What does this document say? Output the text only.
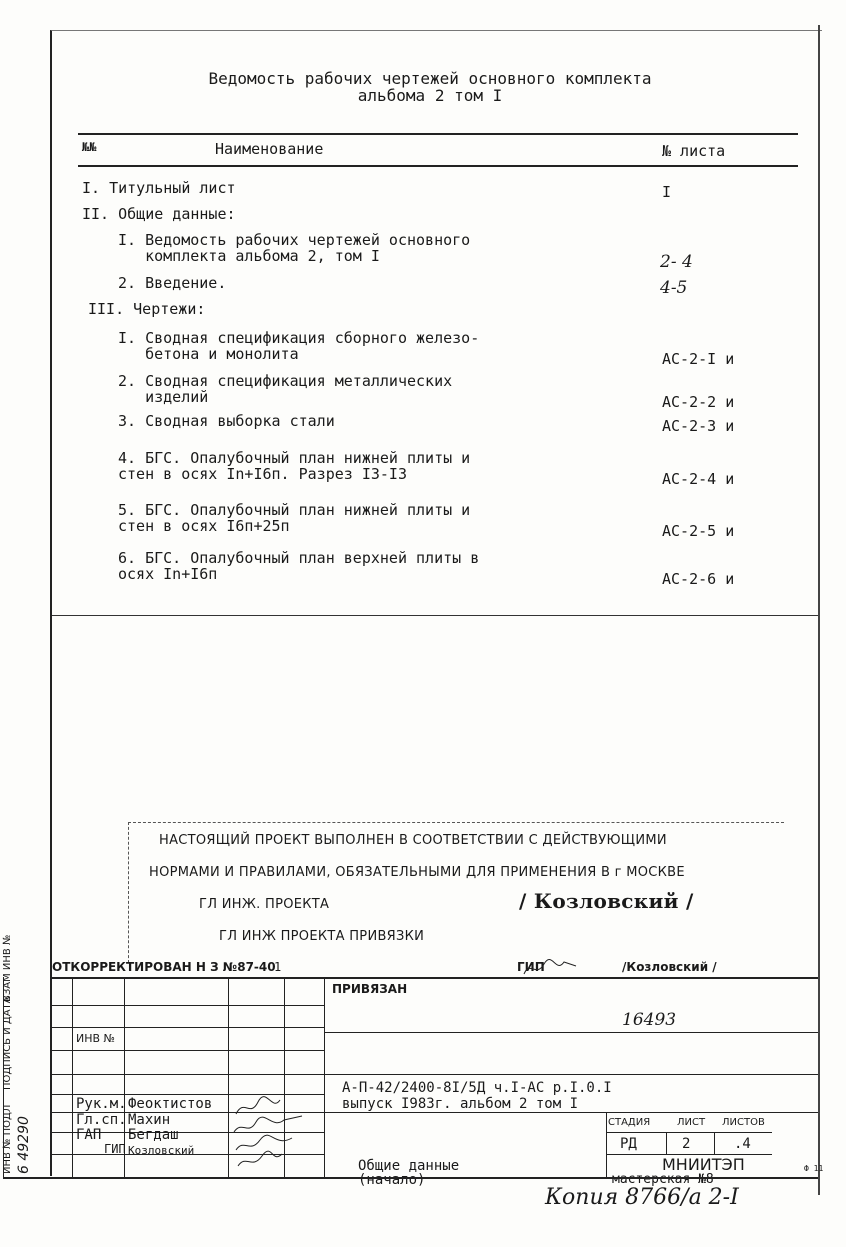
Ведомость рабочих чертежей основного комплекта
альбома 2 том I
№№	Наименование	№ листа
I. Титульный лист	I
II. Общие данные:
I. Ведомость рабочих чертежей основного
комплекта альбома 2, том I	2- 4
2. Введение.	4-5
III. Чертежи:
I. Сводная спецификация сборного железо-
бетона и монолита	АС-2-I и
2. Сводная спецификация металлических
изделий	АС-2-2 и
3. Сводная выборка стали	АС-2-3 и
4. БГС. Опалубочный план нижней плиты и
стен в осях In+I6п. Разрез I3-I3	АС-2-4 и
5. БГС. Опалубочный план нижней плиты и
стен в осях I6п+25п	АС-2-5 и
6. БГС. Опалубочный план верхней плиты в
осях In+I6п	АС-2-6 и
НАСТОЯЩИЙ ПРОЕКТ ВЫПОЛНЕН В СООТВЕТСТВИИ С ДЕЙСТВУЮЩИМИ
НОРМАМИ И ПРАВИЛАМИ, ОБЯЗАТЕЛЬНЫМИ ДЛЯ ПРИМЕНЕНИЯ В г МОСКВЕ
ГЛ ИНЖ. ПРОЕКТА	/ Козловский /
ГЛ ИНЖ ПРОЕКТА ПРИВЯЗКИ
ОТКОРРЕКТИРОВАН Н З №87-40
1	ГИП	/Козловский /
ИНВ №
Рук.м. Феоктистов
Гл.сп. Махин
ГАП Бегдаш
ГИП Козловский
ПРИВЯЗАН
16493
А-П-42/2400-8I/5Д ч.I-АС р.I.0.I
выпуск I983г. альбом 2 том I
СТАДИЯ	ЛИСТ ЛИСТОВ
РД	2	.4
Общие данные
(начало)
МНИИТЭП
мастерская №8
ИНВ № ПОДЛ 6 49290
ПОДПИСЬ И ДАТА
ВЗАМ ИНВ №
Ф 11
Копия 8766/а 2-I
